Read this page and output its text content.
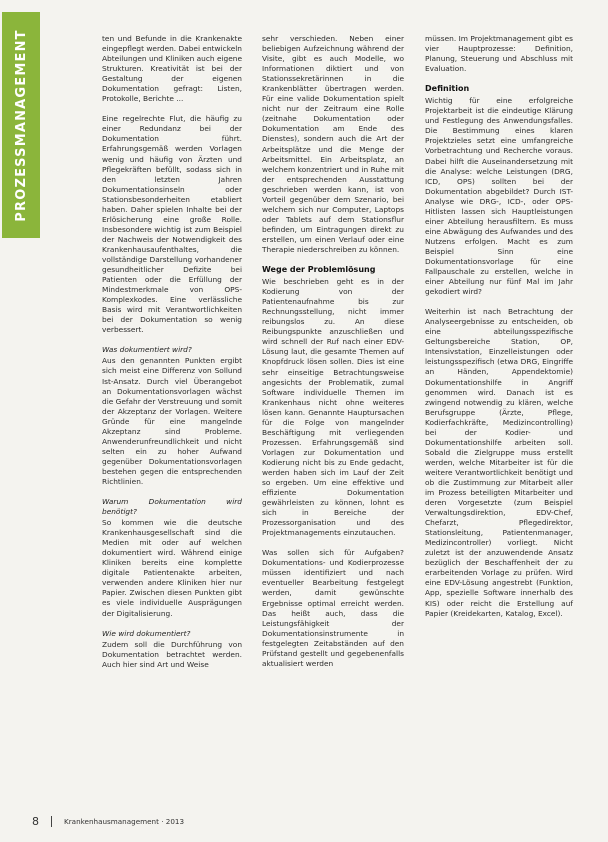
PROZESSMANAGEMENT	ten und Befunde in die Krankenakte eingepflegt werden. Dabei entwickeln Abteilungen und Kliniken auch eigene Strukturen. Kreativität ist bei der Gestaltung der eigenen Dokumentation gefragt: Listen, Protokolle, Berichte ...

Eine regelrechte Flut, die häufig zu einer Redundanz bei der Dokumentation führt. Erfahrungsgemäß werden Vorlagen wenig und häufig von Ärzten und Pflegekräften befüllt, sodass sich in den letzten Jahren Dokumentationsinseln oder Stationsbesonderheiten etabliert haben. Daher spielen Inhalte bei der Erlösicherung eine große Rolle. Insbesondere wichtig ist zum Beispiel der Nachweis der Notwendigkeit des Krankenhausaufenthaltes, die vollständige Darstellung vorhandener gesundheitlicher Defizite bei Patienten oder die Erfüllung der Mindestmerkmale von OPS-Komplexkodes. Eine verlässliche Basis wird mit Verantwortlichkeiten bei der Dokumentation so wenig verbessert.

Was dokumentiert wird?

Aus den genannten Punkten ergibt sich meist eine Differenz von Sollund Ist-Ansatz. Durch viel Überangebot an Dokumentationsvorlagen wächst die Gefahr der Verstreuung und somit der Akzeptanz der Vorlagen. Weitere Gründe für eine mangelnde Akzeptanz sind Probleme. Anwenderunfreundlichkeit und nicht selten ein zu hoher Aufwand gegenüber Dokumentationsvorlagen bestehen gegen die entsprechenden Richtlinien.

Warum Dokumentation wird benötigt?

So kommen wie die deutsche Krankenhausgesellschaft sind die Medien mit oder auf welchen dokumentiert wird. Während einige Kliniken bereits eine komplette digitale Patientenakte arbeiten, verwenden andere Kliniken hier nur Papier. Zwischen diesen Punkten gibt es viele individuelle Ausprägungen der Digitalisierung.

Wie wird dokumentiert?

Zudem soll die Durchführung von Dokumentation betrachtet werden. Auch hier sind Art und Weise

sehr verschieden. Neben einer beliebigen Aufzeichnung während der Visite, gibt es auch Modelle, wo Informationen diktiert und von Stationssekretärinnen in die Krankenblätter übertragen werden. Für eine valide Dokumentation spielt nicht nur der Zeitraum eine Rolle (zeitnahe Dokumentation oder Dokumentation am Ende des Dienstes), sondern auch die Art der Arbeitsplätze und die Menge der Arbeitsmittel. Ein Arbeitsplatz, an welchem konzentriert und in Ruhe mit der entsprechenden Ausstattung geschrieben werden kann, ist von Vorteil gegenüber dem Szenario, bei welchem sich nur Computer, Laptops oder Tablets auf dem Stationsflur befinden, um Eintragungen direkt zu erstellen, um einen Verlauf oder eine Therapie niederschreiben zu können.

Wege der Problemlösung

Wie beschrieben geht es in der Kodierung von der Patientenaufnahme bis zur Rechnungsstellung, nicht immer reibungslos zu. An diese Reibungspunkte anzuschließen und wird schnell der Ruf nach einer EDV-Lösung laut, die gesamte Themen auf Knopfdruck lösen sollen. Dies ist eine sehr einseitige Betrachtungsweise angesichts der Problematik, zumal Software individuelle Themen im Krankenhaus nicht ohne weiteres lösen kann. Genannte Hauptursachen für die Folge von mangelnder Beschäftigung mit verliegenden Prozessen. Erfahrungsgemäß sind Vorlagen zur Dokumentation und Kodierung nicht bis zu Ende gedacht, werden haben sich im Lauf der Zeit so ergeben. Um eine effektive und effiziente Dokumentation gewährleisten zu können, lohnt es sich in Bereiche der Prozessorganisation und des Projektmanagements einzutauchen.

Was sollen sich für Aufgaben? Dokumentations- und Kodierprozesse müssen identifiziert und nach eventueller Bearbeitung festgelegt werden, damit gewünschte Ergebnisse optimal erreicht werden. Das heißt auch, dass die Leistungsfähigkeit der Dokumentationsinstrumente in festgelegten Zeitabständen auf den Prüfstand gestellt und gegebenenfalls aktualisiert werden

müssen. Im Projektmanagement gibt es vier Hauptprozesse: Definition, Planung, Steuerung und Abschluss mit Evaluation.

Definition

Wichtig für eine erfolgreiche Projektarbeit ist die eindeutige Klärung und Festlegung des Anwendungsfalles. Die Bestimmung eines klaren Projektzieles setzt eine umfangreiche Vorbetrachtung und Recherche voraus. Dabei hilft die Auseinandersetzung mit die Analyse: welche Leistungen (DRG, ICD, OPS) sollten bei der Dokumentation abgebildet? Durch IST-Analyse wie DRG-, ICD-, oder OPS-Hitlisten lassen sich Hauptleistungen einer Abteilung herausfiltern. Es muss eine Abwägung des Aufwandes und des Nutzens erfolgen. Macht es zum Beispiel Sinn eine Dokumentationsvorlage für eine Fallpauschale zu erstellen, welche in einer Abteilung nur fünf Mal im Jahr gekodiert wird?

Weiterhin ist nach Betrachtung der Analyseergebnisse zu entscheiden, ob eine abteilungsspezifische Geltungsbereiche Station, OP, Intensivstation, Einzelleistungen oder leistungsspezifisch (etwa DRG, Eingriffe an Händen, Appendektomie) Dokumentationshilfe in Angriff genommen wird. Danach ist es zwingend notwendig zu klären, welche Berufsgruppe (Ärzte, Pflege, Kodierfachkräfte, Medizincontrolling) bei der Kodier- und Dokumentationshilfe arbeiten soll. Sobald die Zielgruppe muss erstellt werden, welche Mitarbeiter ist für die weitere Verantwortlichkeit benötigt und ob die Zustimmung zur Mitarbeit aller im Prozess beteiligten Mitarbeiter und deren Vorgesetzte (zum Beispiel Verwaltungsdirektion, EDV-Chef, Chefarzt, Pflegedirektor, Stationsleitung, Patientenmanager, Medizincontroller) vorliegt. Nicht zuletzt ist der anzuwendende Ansatz bezüglich der Beschaffenheit der zu erarbeitenden Vorlage zu prüfen. Wird eine EDV-Lösung angestrebt (Funktion, App, spezielle Software innerhalb des KIS) oder reicht die Erstellung auf Papier (Kreidekarten, Katalog, Excel).

8	Krankenhausmanagement · 2013
